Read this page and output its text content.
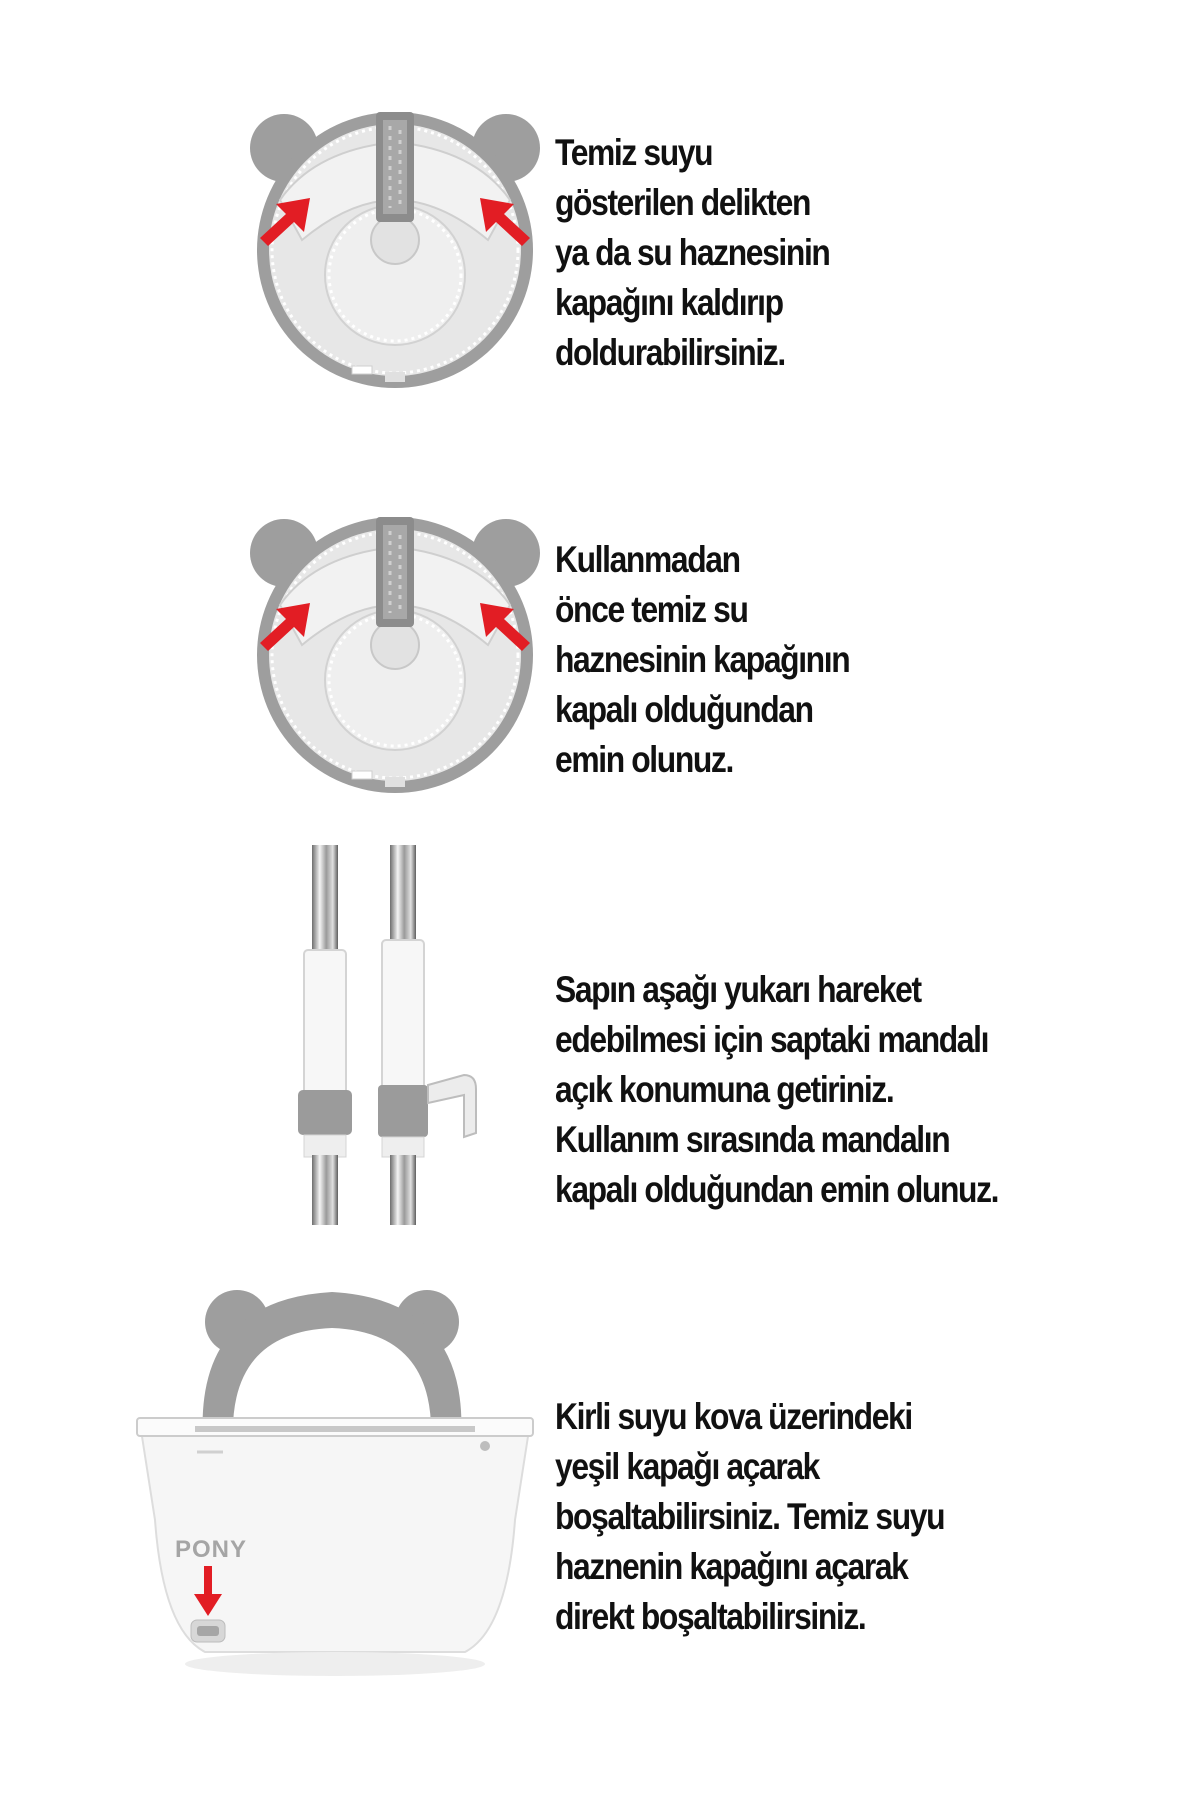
Temiz suyu
gösterilen delikten
ya da su haznesinin
kapağını kaldırıp
doldurabilirsiniz.
Kullanmadan
önce temiz su
haznesinin kapağının
kapalı olduğundan
emin olunuz.
Sapın aşağı yukarı hareket
edebilmesi için saptaki mandalı
açık konumuna getiriniz.
Kullanım sırasında mandalın
kapalı olduğundan emin olunuz.
PONY
Kirli suyu kova üzerindeki
yeşil kapağı açarak
boşaltabilirsiniz. Temiz suyu
haznenin kapağını açarak
direkt boşaltabilirsiniz.
